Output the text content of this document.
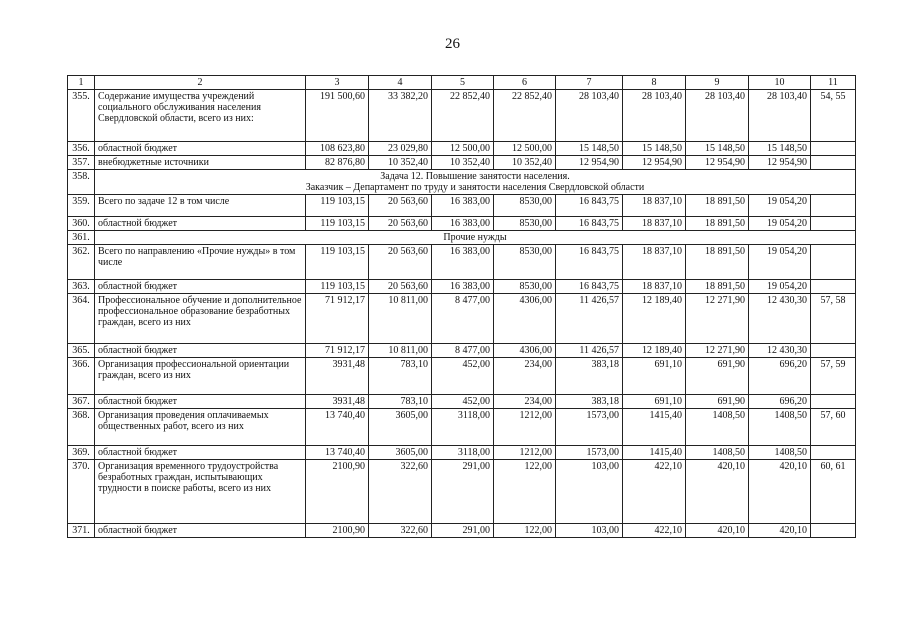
26
1	2	3	4	5	6	7	8	9	10	11
355.	Содержание имущества учреждений социального обслуживания населения Свердловской области, всего из них:	191 500,60	33 382,20	22 852,40	22 852,40	28 103,40	28 103,40	28 103,40	28 103,40	54, 55
356.	областной бюджет	108 623,80	23 029,80	12 500,00	12 500,00	15 148,50	15 148,50	15 148,50	15 148,50	
357.	внебюджетные источники	82 876,80	10 352,40	10 352,40	10 352,40	12 954,90	12 954,90	12 954,90	12 954,90	
358.	Задача 12. Повышение занятости населения.
Заказчик – Департамент по труду и занятости населения Свердловской области									

359.	Всего по задаче 12 в том числе	119 103,15	20 563,60	16 383,00	8530,00	16 843,75	18 837,10	18 891,50	19 054,20	
360.	областной бюджет	119 103,15	20 563,60	16 383,00	8530,00	16 843,75	18 837,10	18 891,50	19 054,20	
361.	Прочие нужды									

362.	Всего по направлению «Прочие нужды» в том числе	119 103,15	20 563,60	16 383,00	8530,00	16 843,75	18 837,10	18 891,50	19 054,20	
363.	областной бюджет	119 103,15	20 563,60	16 383,00	8530,00	16 843,75	18 837,10	18 891,50	19 054,20	
364.	Профессиональное обучение и дополнительное профессиональное образование безработных граждан, всего из них	71 912,17	10 811,00	8 477,00	4306,00	11 426,57	12 189,40	12 271,90	12 430,30	57, 58
365.	областной бюджет	71 912,17	10 811,00	8 477,00	4306,00	11 426,57	12 189,40	12 271,90	12 430,30	
366.	Организация профессиональной ориентации граждан, всего из них	3931,48	783,10	452,00	234,00	383,18	691,10	691,90	696,20	57, 59
367.	областной бюджет	3931,48	783,10	452,00	234,00	383,18	691,10	691,90	696,20	
368.	Организация проведения оплачиваемых общественных работ, всего из них	13 740,40	3605,00	3118,00	1212,00	1573,00	1415,40	1408,50	1408,50	57, 60
369.	областной бюджет	13 740,40	3605,00	3118,00	1212,00	1573,00	1415,40	1408,50	1408,50	
370.	Организация временного трудоустройства безработных граждан, испытывающих трудности в поиске работы, всего из них	2100,90	322,60	291,00	122,00	103,00	422,10	420,10	420,10	60, 61
371.	областной бюджет	2100,90	322,60	291,00	122,00	103,00	422,10	420,10	420,10	
